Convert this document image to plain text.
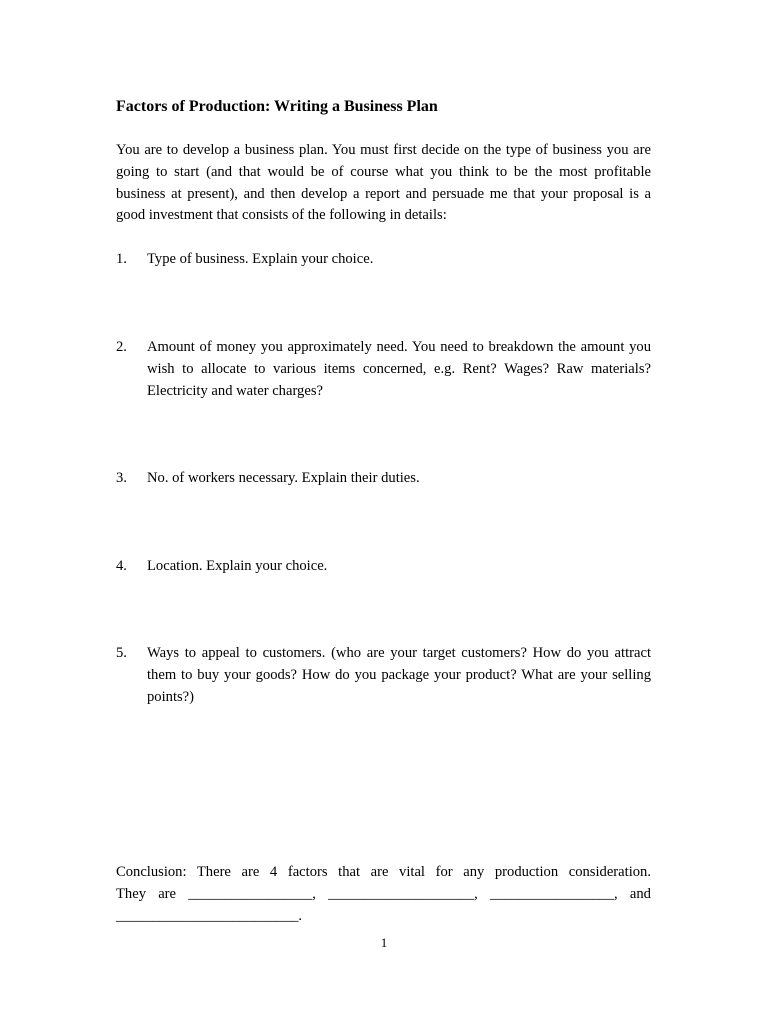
Factors of Production: Writing a Business Plan
You are to develop a business plan. You must first decide on the type of business you are going to start (and that would be of course what you think to be the most profitable business at present), and then develop a report and persuade me that your proposal is a good investment that consists of the following in details:
1. Type of business. Explain your choice.
2. Amount of money you approximately need. You need to breakdown the amount you wish to allocate to various items concerned, e.g. Rent? Wages? Raw materials? Electricity and water charges?
3. No. of workers necessary. Explain their duties.
4. Location. Explain your choice.
5. Ways to appeal to customers. (who are your target customers? How do you attract them to buy your goods? How do you package your product? What are your selling points?)
Conclusion: There are 4 factors that are vital for any production consideration.
They are _________________, ____________________, _________________, and
_________________________.
1
